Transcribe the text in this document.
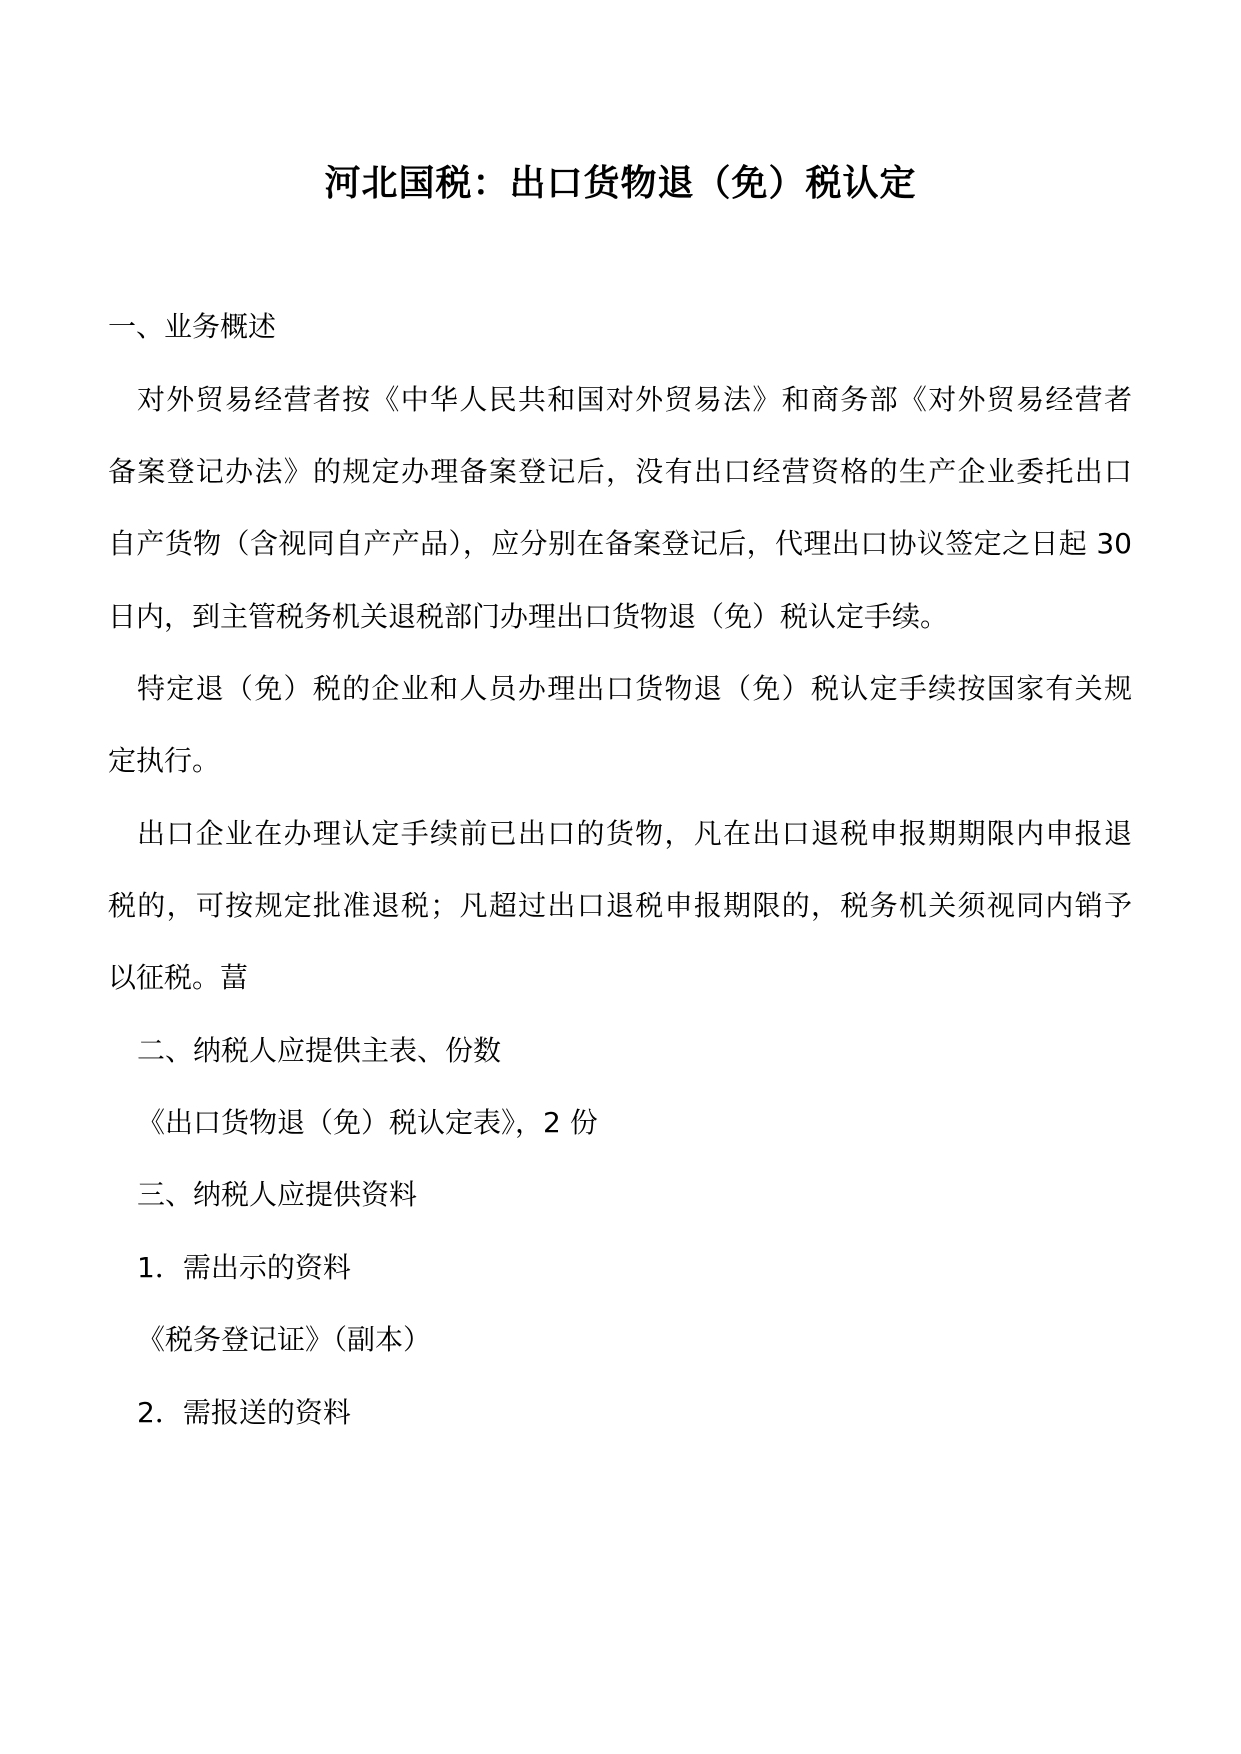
河北国税：出口货物退（免）税认定
一、业务概述
对外贸易经营者按《中华人民共和国对外贸易法》和商务部《对外贸易经营者
备案登记办法》的规定办理备案登记后，没有出口经营资格的生产企业委托出口
自产货物（含视同自产产品），应分别在备案登记后，代理出口协议签定之日起 30
日内，到主管税务机关退税部门办理出口货物退（免）税认定手续。
特定退（免）税的企业和人员办理出口货物退（免）税认定手续按国家有关规
定执行。
出口企业在办理认定手续前已出口的货物，凡在出口退税申报期期限内申报退
税的，可按规定批准退税；凡超过出口退税申报期限的，税务机关须视同内销予
以征税。葍
二、纳税人应提供主表、份数
《出口货物退（免）税认定表》，2 份
三、纳税人应提供资料
1．需出示的资料
《税务登记证》（副本）
2．需报送的资料
